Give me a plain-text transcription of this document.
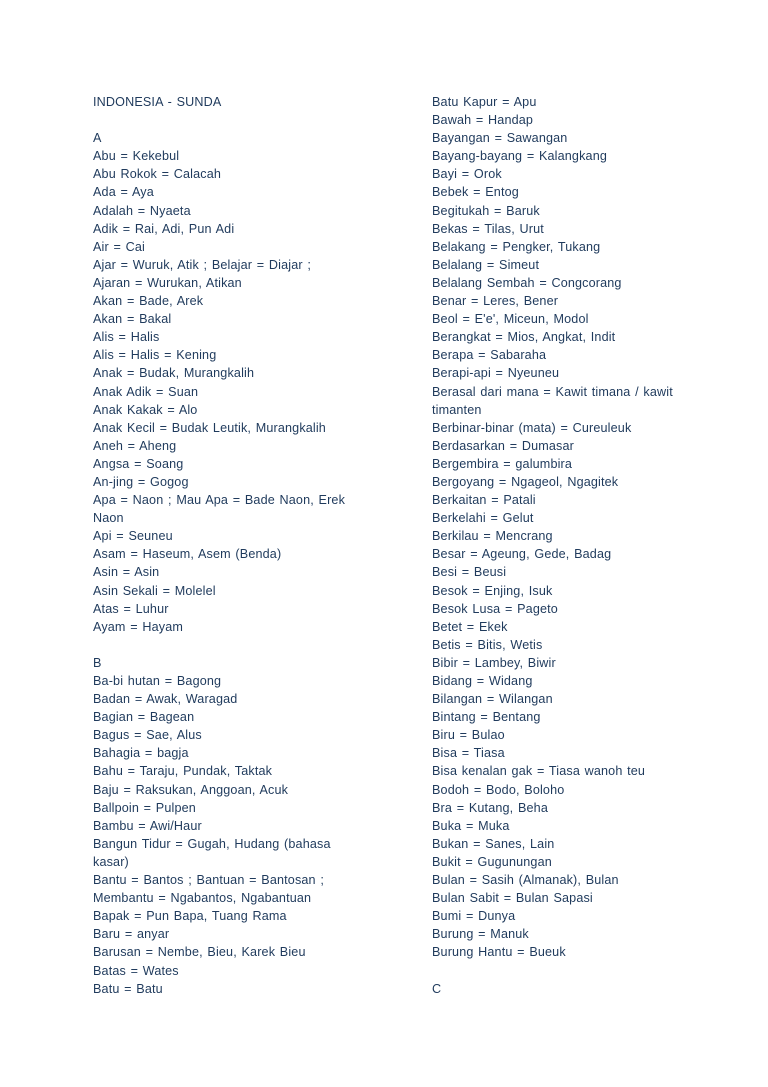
INDONESIA - SUNDA
A
Abu = Kekebul
Abu Rokok = Calacah
Ada = Aya
Adalah = Nyaeta
Adik = Rai, Adi, Pun Adi
Air = Cai
Ajar = Wuruk, Atik ; Belajar = Diajar ;
Ajaran = Wurukan, Atikan
Akan = Bade, Arek
Akan = Bakal
Alis = Halis
Alis = Halis = Kening
Anak = Budak, Murangkalih
Anak Adik = Suan
Anak Kakak = Alo
Anak Kecil = Budak Leutik, Murangkalih
Aneh = Aheng
Angsa = Soang
An-jing = Gogog
Apa = Naon ; Mau Apa = Bade Naon, Erek
Naon
Api = Seuneu
Asam = Haseum, Asem (Benda)
Asin = Asin
Asin Sekali = Molelel
Atas = Luhur
Ayam = Hayam
B
Ba-bi hutan = Bagong
Badan = Awak, Waragad
Bagian = Bagean
Bagus = Sae, Alus
Bahagia = bagja
Bahu = Taraju, Pundak, Taktak
Baju = Raksukan, Anggoan, Acuk
Ballpoin = Pulpen
Bambu = Awi/Haur
Bangun Tidur = Gugah, Hudang (bahasa
kasar)
Bantu = Bantos ; Bantuan = Bantosan ;
Membantu = Ngabantos, Ngabantuan
Bapak = Pun Bapa, Tuang Rama
Baru = anyar
Barusan = Nembe, Bieu, Karek Bieu
Batas = Wates
Batu = Batu
Batu Kapur = Apu
Bawah = Handap
Bayangan = Sawangan
Bayang-bayang = Kalangkang
Bayi = Orok
Bebek = Entog
Begitukah = Baruk
Bekas = Tilas, Urut
Belakang = Pengker, Tukang
Belalang = Simeut
Belalang Sembah = Congcorang
Benar = Leres, Bener
Beol = E'e', Miceun, Modol
Berangkat = Mios, Angkat, Indit
Berapa = Sabaraha
Berapi-api = Nyeuneu
Berasal dari mana = Kawit timana / kawit
timanten
Berbinar-binar (mata) = Cureuleuk
Berdasarkan = Dumasar
Bergembira = galumbira
Bergoyang = Ngageol, Ngagitek
Berkaitan = Patali
Berkelahi = Gelut
Berkilau = Mencrang
Besar = Ageung, Gede, Badag
Besi = Beusi
Besok = Enjing, Isuk
Besok Lusa = Pageto
Betet = Ekek
Betis = Bitis, Wetis
Bibir = Lambey, Biwir
Bidang = Widang
Bilangan = Wilangan
Bintang = Bentang
Biru = Bulao
Bisa = Tiasa
Bisa kenalan gak = Tiasa wanoh teu
Bodoh = Bodo, Boloho
Bra = Kutang, Beha
Buka = Muka
Bukan = Sanes, Lain
Bukit = Gugunungan
Bulan = Sasih (Almanak), Bulan
Bulan Sabit = Bulan Sapasi
Bumi = Dunya
Burung = Manuk
Burung Hantu = Bueuk
C
